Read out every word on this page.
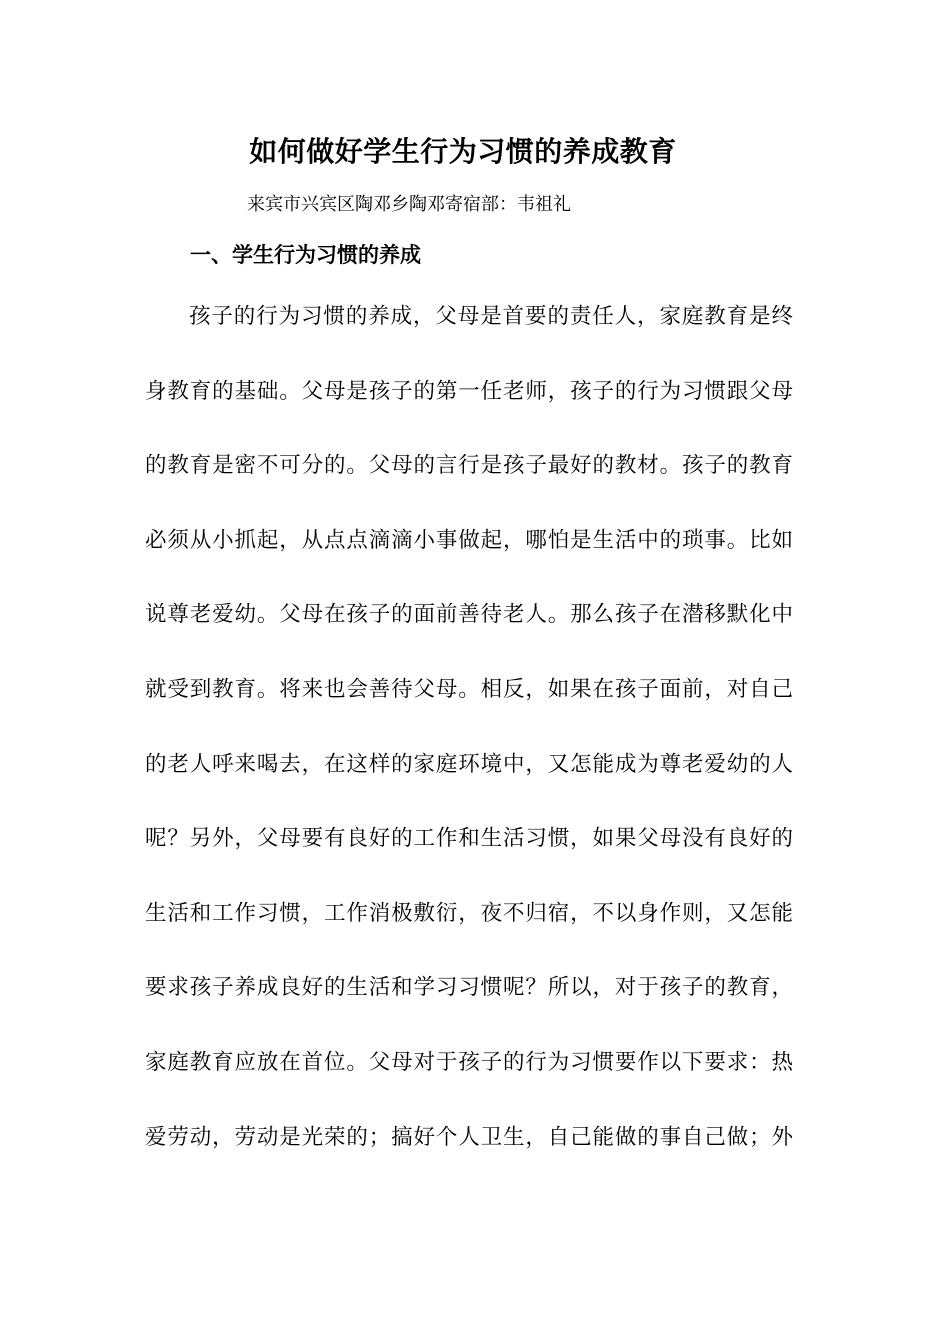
如何做好学生行为习惯的养成教育
来宾市兴宾区陶邓乡陶邓寄宿部：韦祖礼
一、学生行为习惯的养成
孩子的行为习惯的养成，父母是首要的责任人，家庭教育是终
身教育的基础。父母是孩子的第一任老师，孩子的行为习惯跟父母
的教育是密不可分的。父母的言行是孩子最好的教材。孩子的教育
必须从小抓起，从点点滴滴小事做起，哪怕是生活中的琐事。比如
说尊老爱幼。父母在孩子的面前善待老人。那么孩子在潜移默化中
就受到教育。将来也会善待父母。相反，如果在孩子面前，对自己
的老人呼来喝去，在这样的家庭环境中，又怎能成为尊老爱幼的人
呢？另外，父母要有良好的工作和生活习惯，如果父母没有良好的
生活和工作习惯，工作消极敷衍，夜不归宿，不以身作则，又怎能
要求孩子养成良好的生活和学习习惯呢？所以，对于孩子的教育，
家庭教育应放在首位。父母对于孩子的行为习惯要作以下要求：热
爱劳动，劳动是光荣的；搞好个人卫生，自己能做的事自己做；外
